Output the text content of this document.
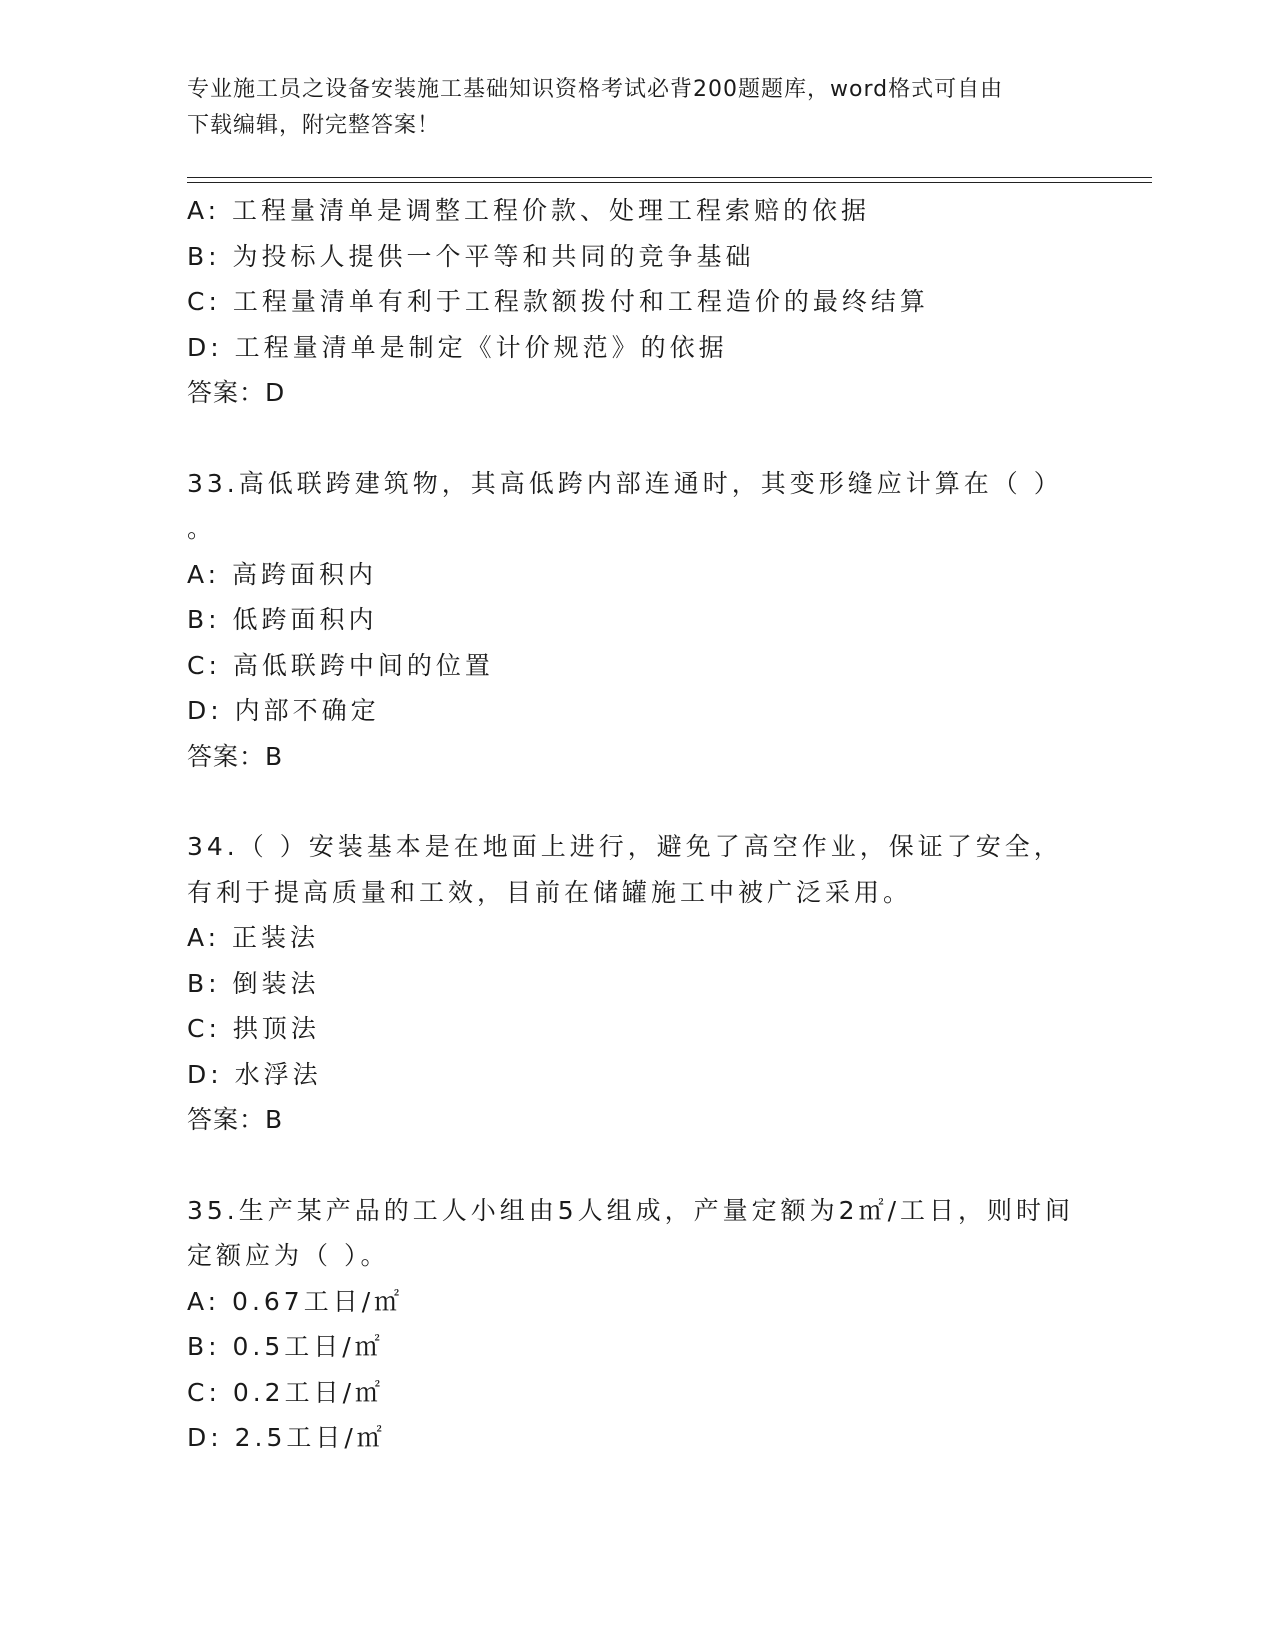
专业施工员之设备安装施工基础知识资格考试必背200题题库，word格式可自由
下载编辑，附完整答案！
A: 工程量清单是调整工程价款、处理工程索赔的依据
B: 为投标人提供一个平等和共同的竞争基础
C: 工程量清单有利于工程款额拨付和工程造价的最终结算
D: 工程量清单是制定《计价规范》的依据
答案：D
33.高低联跨建筑物，其高低跨内部连通时，其变形缝应计算在（ ）
。
A: 高跨面积内
B: 低跨面积内
C: 高低联跨中间的位置
D: 内部不确定
答案：B
34.（ ）安装基本是在地面上进行，避免了高空作业，保证了安全，
有利于提高质量和工效，目前在储罐施工中被广泛采用。
A: 正装法
B: 倒装法
C: 拱顶法
D: 水浮法
答案：B
35.生产某产品的工人小组由5人组成，产量定额为2㎡/工日，则时间
定额应为（ ）。
A: 0.67工日/㎡
B: 0.5工日/㎡
C: 0.2工日/㎡
D: 2.5工日/㎡
